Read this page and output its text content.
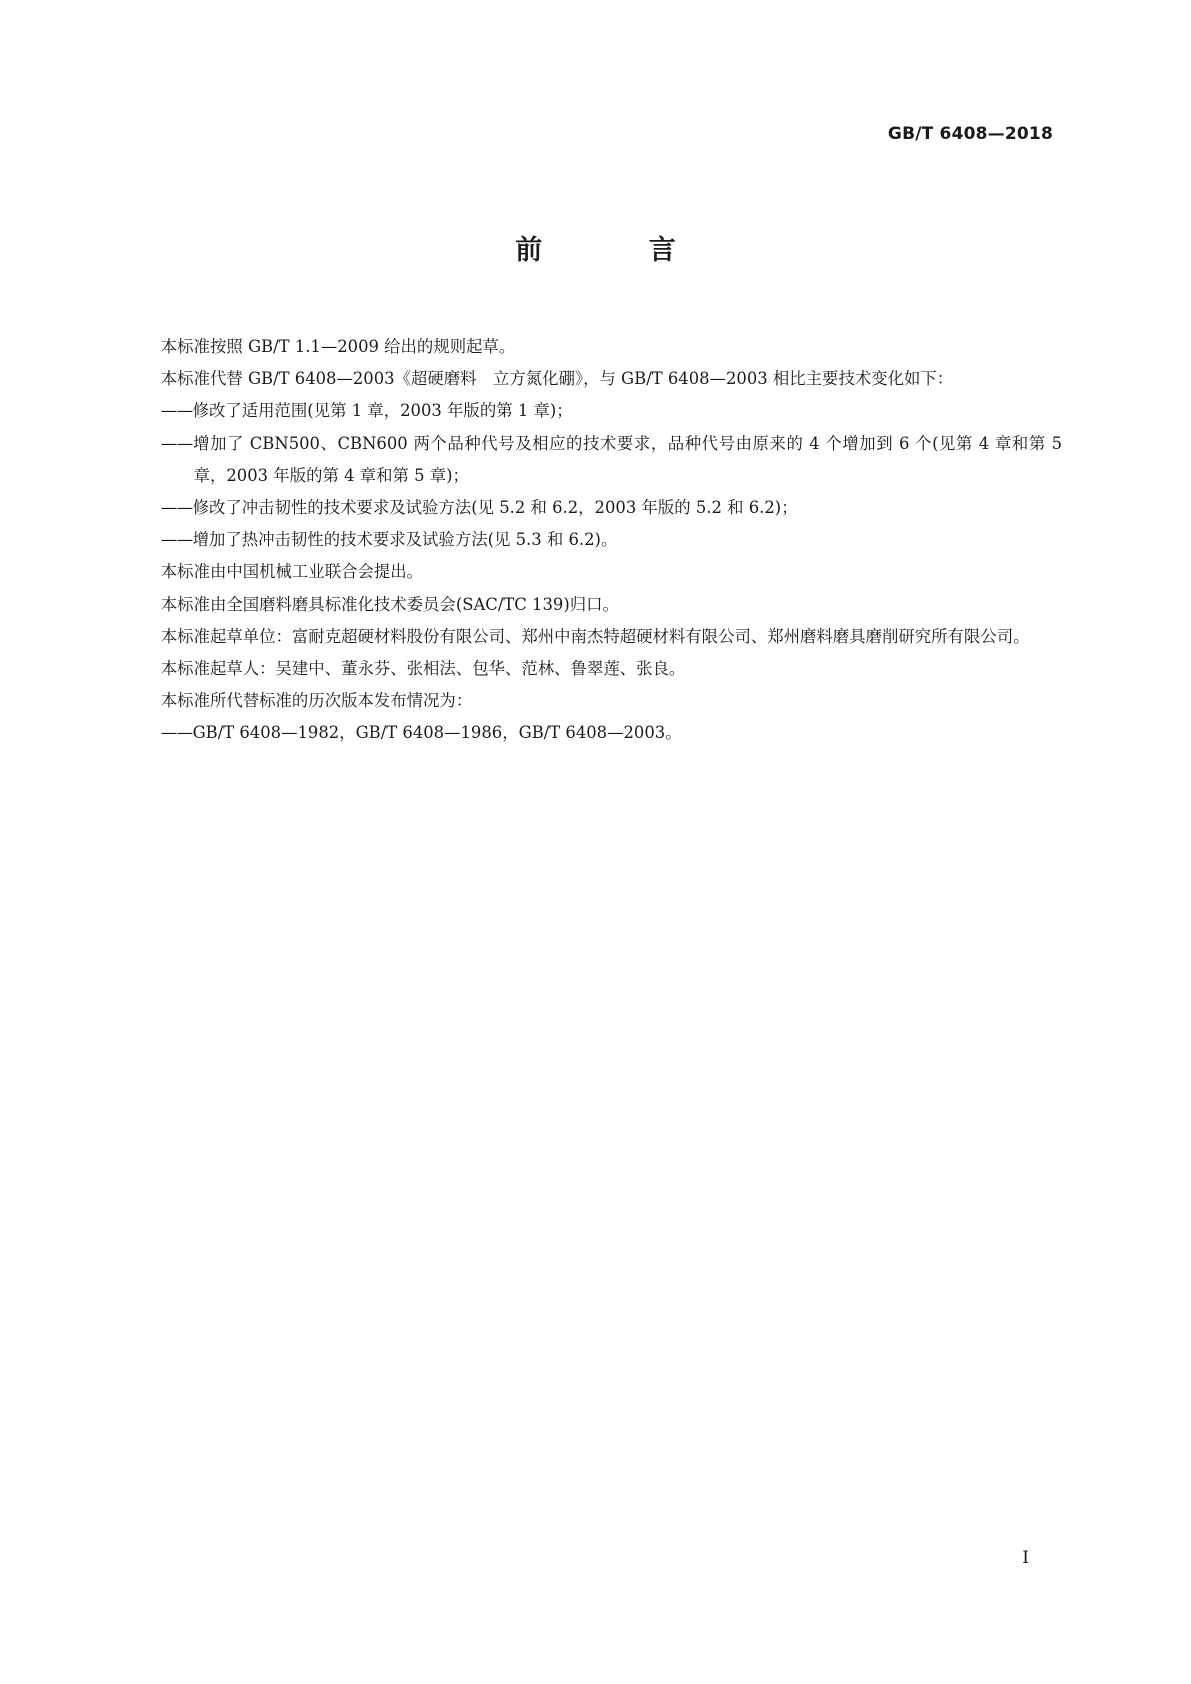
GB/T 6408—2018
前 言

本标准按照 GB/T 1.1—2009 给出的规则起草。

本标准代替 GB/T 6408—2003《超硬磨料　立方氮化硼》，与 GB/T 6408—2003 相比主要技术变化如下：

——修改了适用范围(见第 1 章，2003 年版的第 1 章)；

——增加了 CBN500、CBN600 两个品种代号及相应的技术要求，品种代号由原来的 4 个增加到 6 个(见第 4 章和第 5 章，2003 年版的第 4 章和第 5 章)；

——修改了冲击韧性的技术要求及试验方法(见 5.2 和 6.2，2003 年版的 5.2 和 6.2)；

——增加了热冲击韧性的技术要求及试验方法(见 5.3 和 6.2)。

本标准由中国机械工业联合会提出。

本标准由全国磨料磨具标准化技术委员会(SAC/TC 139)归口。

本标准起草单位：富耐克超硬材料股份有限公司、郑州中南杰特超硬材料有限公司、郑州磨料磨具磨削研究所有限公司。

本标准起草人：吴建中、董永芬、张相法、包华、范林、鲁翠莲、张良。

本标准所代替标准的历次版本发布情况为：

——GB/T 6408—1982，GB/T 6408—1986，GB/T 6408—2003。

Ⅰ
